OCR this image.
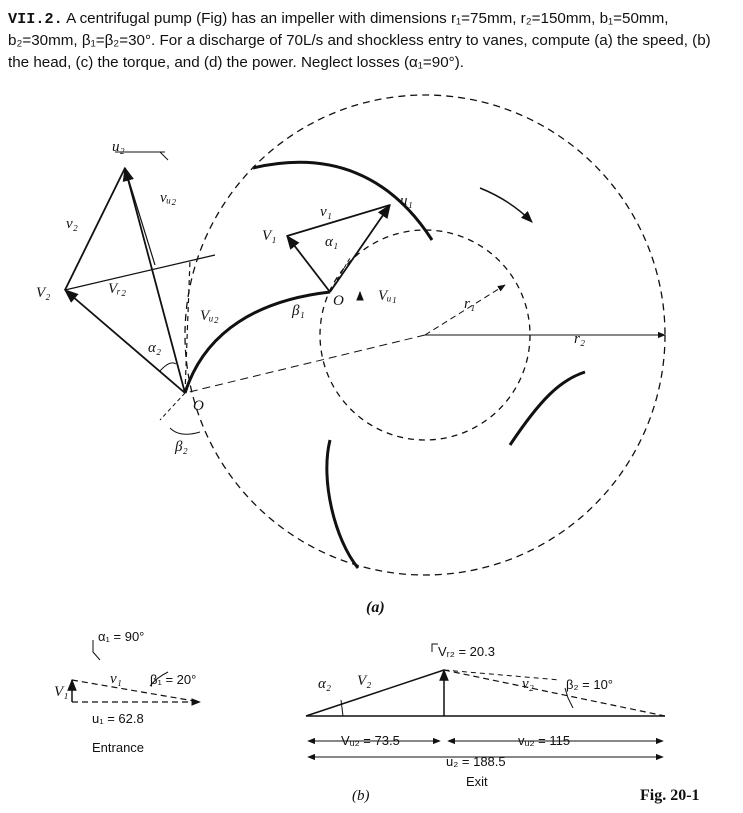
VII.2. A centrifugal pump (Fig) has an impeller with dimensions r₁=75mm, r₂=150mm, b₁=50mm, b₂=30mm, β₁=β₂=30°. For a discharge of 70L/s and shockless entry to vanes, compute (a) the speed, (b) the head, (c) the torque, and (d) the power. Neglect losses (α₁=90°).

u₂
vᵤ₂
v₂
V₂	Vᵣ₂
Vᵤ₂
α₂
O
β₂
v₁
u₁
V₁	α₁
Vᵤ₁
β₁
O	r₁
r₂
(a)
α₁ = 90°
v₁ β₁ = 20°
V₁
u₁ = 62.8
Entrance
Vᵣ₂ = 20.3
α₂ V₂	v₂ β₂ = 10°
Vᵤ₂ = 73.5	vᵤ₂ = 115
u₂ = 188.5
Exit
(b)	Fig. 20-1
